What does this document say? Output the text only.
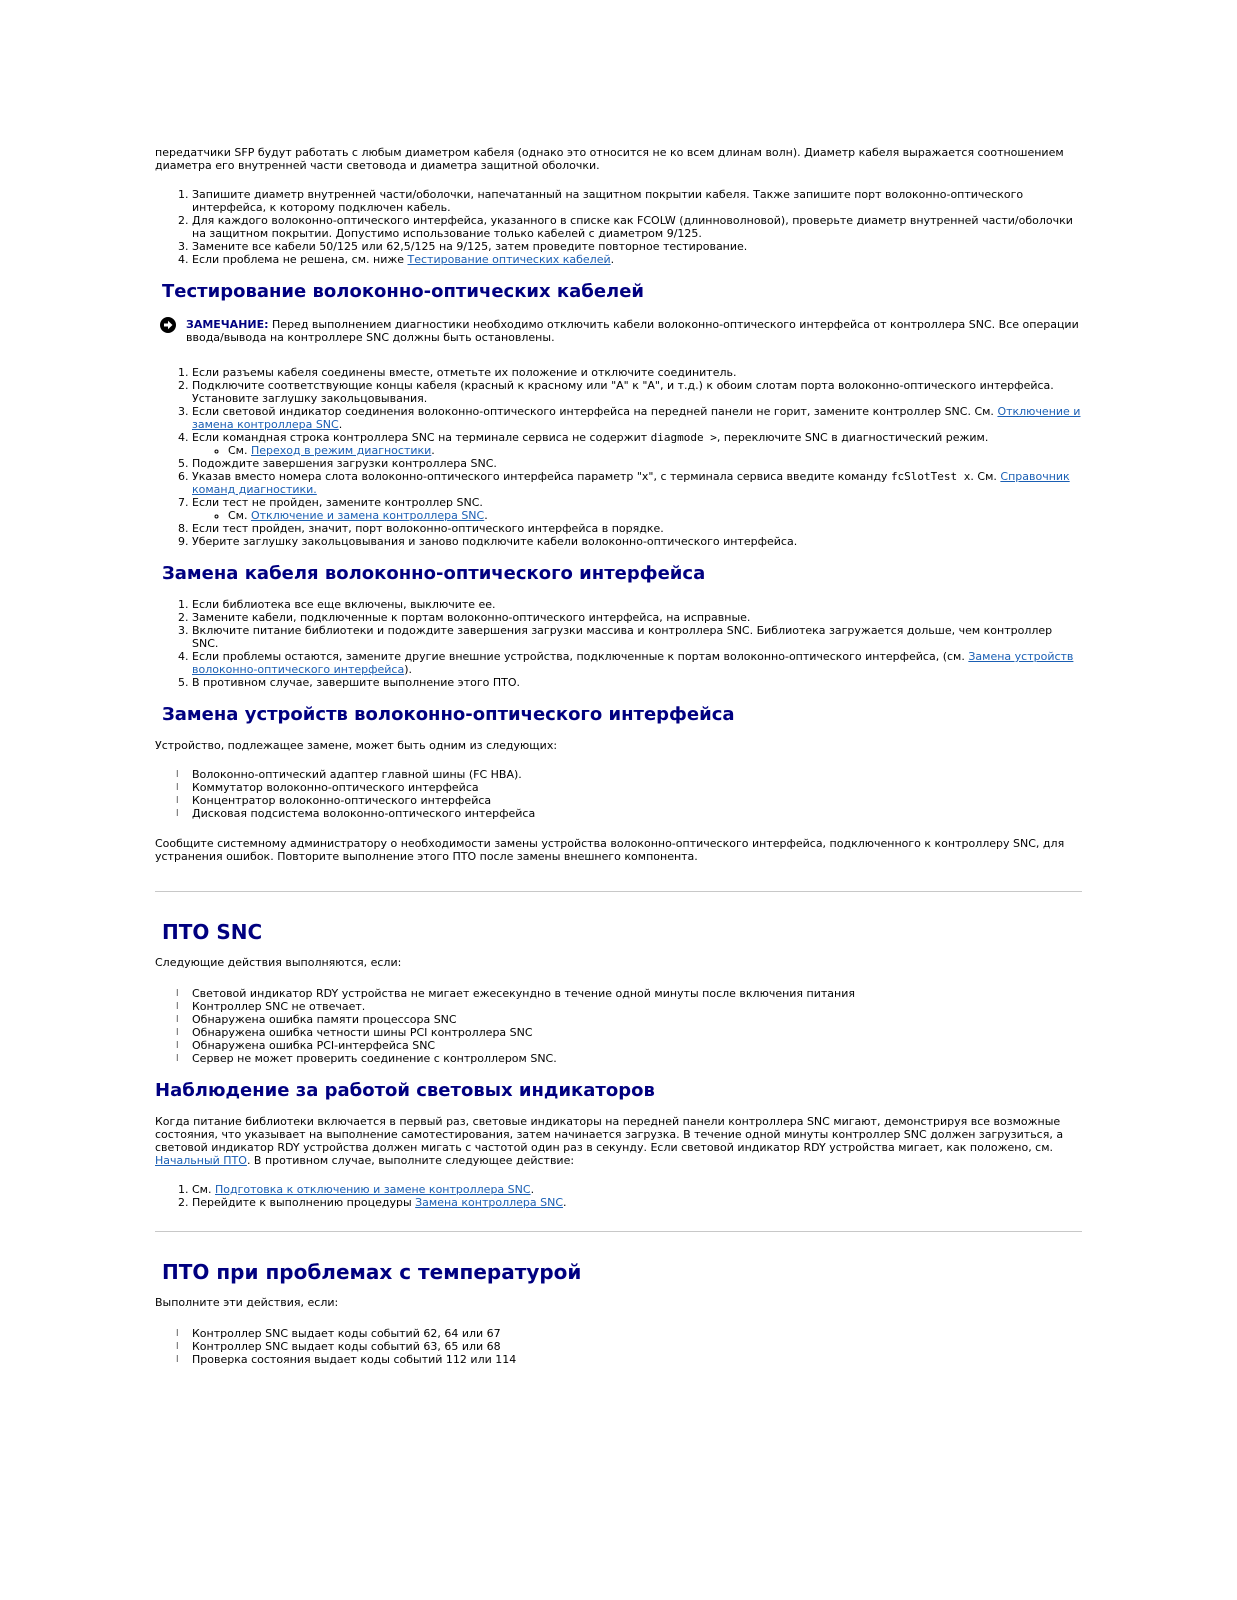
передатчики SFP будут работать с любым диаметром кабеля (однако это относится не ко всем длинам волн). Диаметр кабеля выражается соотношением диаметра его внутренней части световода и диаметра защитной оболочки.

1. Запишите диаметр внутренней части/оболочки, напечатанный на защитном покрытии кабеля. Также запишите порт волоконно-оптического интерфейса, к которому подключен кабель.
2. Для каждого волоконно-оптического интерфейса, указанного в списке как FCOLW (длинноволновой), проверьте диаметр внутренней части/оболочки на защитном покрытии. Допустимо использование только кабелей с диаметром 9/125.
3. Замените все кабели 50/125 или 62,5/125 на 9/125, затем проведите повторное тестирование.
4. Если проблема не решена, см. ниже Тестирование оптических кабелей.
Тестирование волоконно-оптических кабелей
ЗАМЕЧАНИЕ: Перед выполнением диагностики необходимо отключить кабели волоконно-оптического интерфейса от контроллера SNC. Все операции ввода/вывода на контроллере SNC должны быть остановлены.
1. Если разъемы кабеля соединены вместе, отметьте их положение и отключите соединитель.
2. Подключите соответствующие концы кабеля (красный к красному или "A" к "A", и т.д.) к обоим слотам порта волоконно-оптического интерфейса. Установите заглушку закольцовывания.
3. Если световой индикатор соединения волоконно-оптического интерфейса на передней панели не горит, замените контроллер SNC. См. Отключение и замена контроллера SNC.
4. Если командная строка контроллера SNC на терминале сервиса не содержит diagmode >, переключите SNC в диагностический режим.
◦ См. Переход в режим диагностики.
5. Подождите завершения загрузки контроллера SNC.
6. Указав вместо номера слота волоконно-оптического интерфейса параметр "x", с терминала сервиса введите команду fcSlotTest x. См. Справочник команд диагностики.
7. Если тест не пройден, замените контроллер SNC.
◦ См. Отключение и замена контроллера SNC.
8. Если тест пройден, значит, порт волоконно-оптического интерфейса в порядке.
9. Уберите заглушку закольцовывания и заново подключите кабели волоконно-оптического интерфейса.
Замена кабеля волоконно-оптического интерфейса
1. Если библиотека все еще включены, выключите ее.
2. Замените кабели, подключенные к портам волоконно-оптического интерфейса, на исправные.
3. Включите питание библиотеки и подождите завершения загрузки массива и контроллера SNC. Библиотека загружается дольше, чем контроллер SNC.
4. Если проблемы остаются, замените другие внешние устройства, подключенные к портам волоконно-оптического интерфейса, (см. Замена устройств волоконно-оптического интерфейса).
5. В противном случае, завершите выполнение этого ПТО.
Замена устройств волоконно-оптического интерфейса

Устройство, подлежащее замене, может быть одним из следующих:

l Волоконно-оптический адаптер главной шины (FC HBA).
l Коммутатор волоконно-оптического интерфейса
l Концентратор волоконно-оптического интерфейса
l Дисковая подсистема волоконно-оптического интерфейса

Сообщите системному администратору о необходимости замены устройства волоконно-оптического интерфейса, подключенного к контроллеру SNC, для устранения ошибок. Повторите выполнение этого ПТО после замены внешнего компонента.

ПТО SNC

Следующие действия выполняются, если:

l Световой индикатор RDY устройства не мигает ежесекундно в течение одной минуты после включения питания
l Контроллер SNC не отвечает.
l Обнаружена ошибка памяти процессора SNC
l Обнаружена ошибка четности шины PCI контроллера SNC
l Обнаружена ошибка PCI-интерфейса SNC
l Сервер не может проверить соединение с контроллером SNC.
Наблюдение за работой световых индикаторов

Когда питание библиотеки включается в первый раз, световые индикаторы на передней панели контроллера SNC мигают, демонстрируя все возможные состояния, что указывает на выполнение самотестирования, затем начинается загрузка. В течение одной минуты контроллер SNC должен загрузиться, а световой индикатор RDY устройства должен мигать с частотой один раз в секунду. Если световой индикатор RDY устройства мигает, как положено, см. Начальный ПТО. В противном случае, выполните следующее действие:

1. См. Подготовка к отключению и замене контроллера SNC.
2. Перейдите к выполнению процедуры Замена контроллера SNC.
ПТО при проблемах с температурой

Выполните эти действия, если:

l Контроллер SNC выдает коды событий 62, 64 или 67
l Контроллер SNC выдает коды событий 63, 65 или 68
l Проверка состояния выдает коды событий 112 или 114
